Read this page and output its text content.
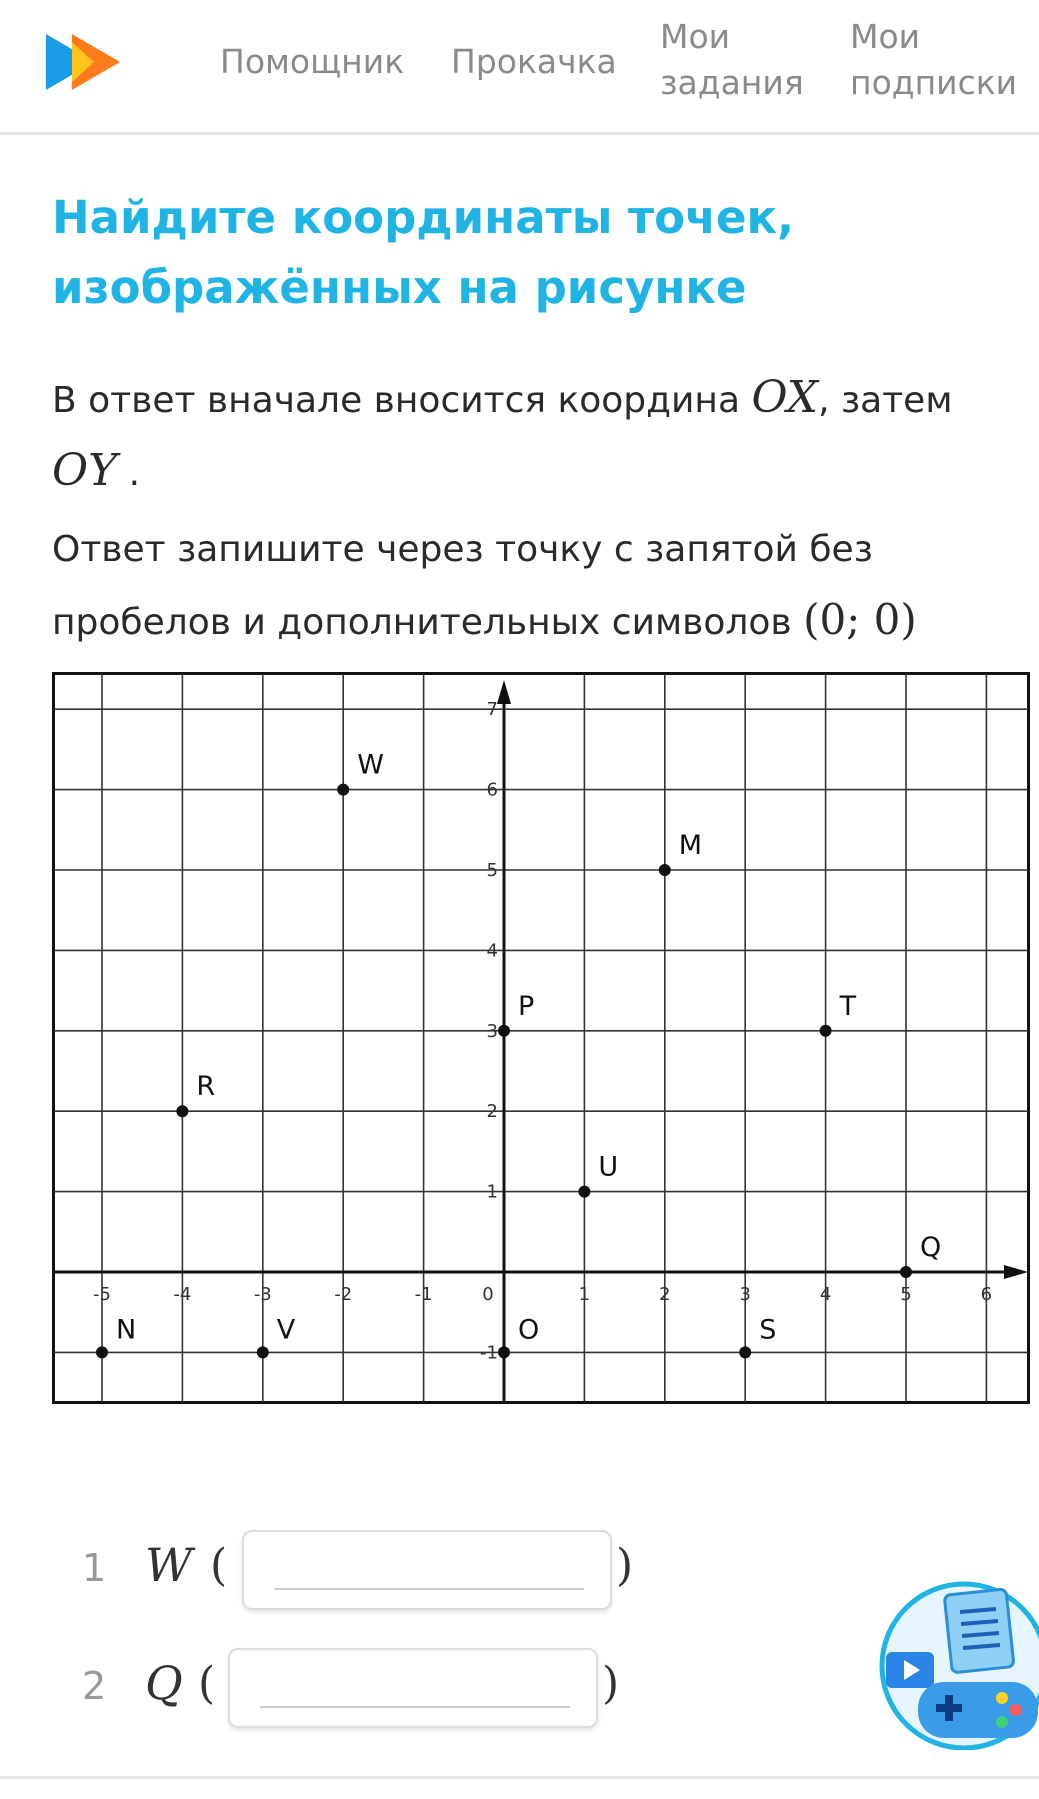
Помощник Прокачка
Мои
задания
Мои
подписки
Найдите координаты точек, изображённых на рисунке

В ответ вначале вносится координа OX, затем OY .

Ответ запишите через точку с запятой без пробелов и дополнительных символов (0; 0)

-5	-4	-3	-2	-1	0	1	2	3	4	5	6
-1
1
2
3
4
5
6
7
W
M
P	T
R
U
Q
N	V	O	S
1 W (	)
2 Q (	)
